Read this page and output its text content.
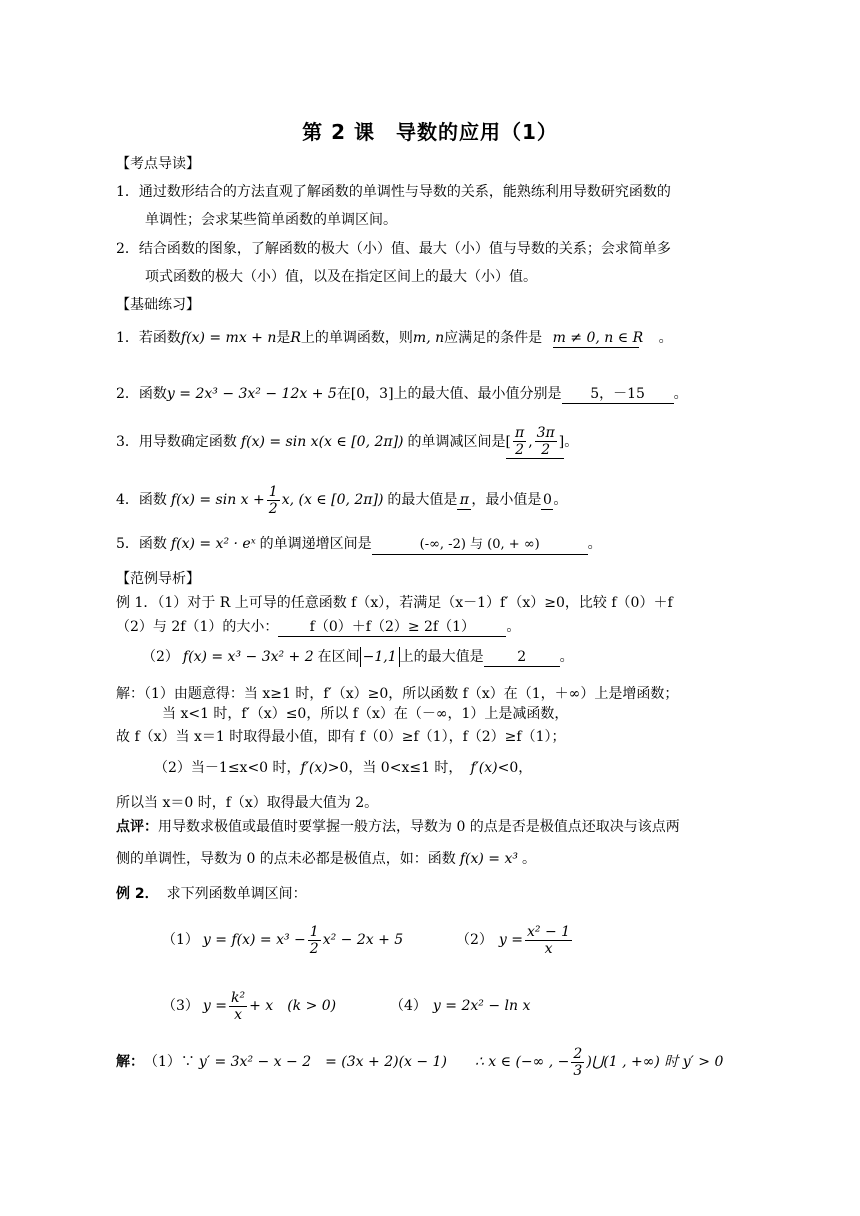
第 2 课　导数的应用（1）
【考点导读】
1．通过数形结合的方法直观了解函数的单调性与导数的关系，能熟练利用导数研究函数的
单调性；会求某些简单函数的单调区间。
2．结合函数的图象，了解函数的极大（小）值、最大（小）值与导数的关系；会求简单多
项式函数的极大（小）值，以及在指定区间上的最大（小）值。
【基础练习】
1．若函数f(x) = mx + n是R上的单调函数，则m, n应满足的条件是 m ≠ 0, n ∈ R 。
2．函数y = 2x³ − 3x² − 12x + 5在[0，3]上的最大值、最小值分别是 5，－15 。
3．用导数确定函数 f(x) = sin x(x ∈ [0, 2π]) 的单调减区间是 [ $\frac{\pi}{2}$ , $\frac{3\pi}{2}$ ] 。
4．函数 $f(x) = \sin x + \frac{1}{2} x$, (x ∈ [0, 2π]) 的最大值是 π ，最小值是 0 。
5．函数 f(x) = x² · eˣ 的单调递增区间是	(-∞, -2) 与 (0, + ∞)	。
【范例导析】
例 1．（1）对于 R 上可导的任意函数 f（x），若满足（x－1）f′（x）≥0，比较 f（0）＋f
（2）与 2f（1）的大小： f（0）＋f（2）≥ 2f（1） 。
（2） f(x) = x³ − 3x² + 2 在区间 −1,1 上的最大值是	2	。
解：（1）由题意得：当 x≥1 时，f′（x）≥0，所以函数 f（x）在（1，＋∞）上是增函数；
当 x<1 时，f′（x）≤0，所以 f（x）在（－∞，1）上是减函数，
故 f（x）当 x＝1 时取得最小值，即有 f（0）≥f（1），f（2）≥f（1）；
（2）当－1≤x<0 时，f′(x)>0，当 0<x≤1 时， f′(x)<0，
所以当 x＝0 时，f（x）取得最大值为 2。
点评：用导数求极值或最值时要掌握一般方法，导数为 0 的点是否是极值点还取决与该点两
侧的单调性，导数为 0 的点未必都是极值点，如：函数 f(x) = x³ 。
例 2． 求下列函数单调区间：
（1） $y = f(x) = x^3 - \frac{1}{2} x^2 - 2x + 5$	（2） $y = \frac{\text{x² − 1}}{x}$
（3） $y = \frac{\text{k²}}{x} + x$　(k > 0)	（4） y = 2x² − ln x
解： （1）∵ y′ = 3x² − x − 2　= (3x + 2)(x − 1) ∴ x ∈ (−∞ , − $\frac{2}{3}$ )⋃(1 , +∞) 时 y′ > 0
